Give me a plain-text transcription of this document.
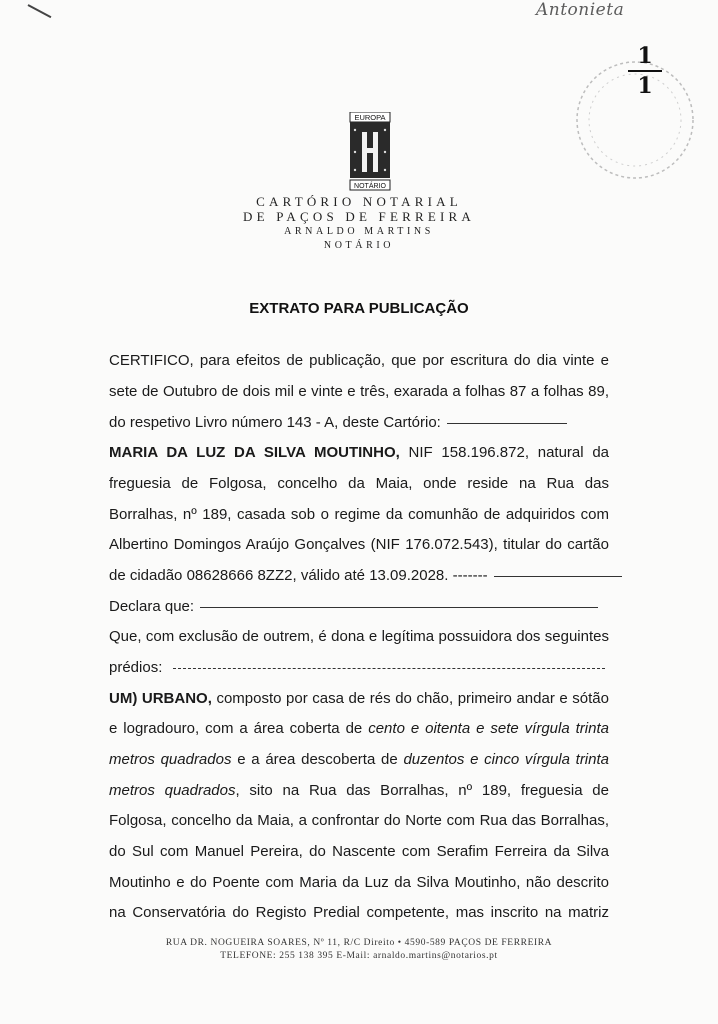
Antonieta
1
1
EUROPA
NOTÁRIO
CARTÓRIO NOTARIAL
DE PAÇOS DE FERREIRA
ARNALDO MARTINS
NOTÁRIO
EXTRATO PARA PUBLICAÇÃO
CERTIFICO, para efeitos de publicação, que por escritura do dia vinte e
sete de Outubro de dois mil e vinte e três, exarada a folhas 87 a folhas 89,
do respetivo Livro número 143 - A, deste Cartório:
MARIA DA LUZ DA SILVA MOUTINHO, NIF 158.196.872, natural da
freguesia de Folgosa, concelho da Maia, onde reside na Rua das
Borralhas, nº 189, casada sob o regime da comunhão de adquiridos com
Albertino Domingos Araújo Gonçalves (NIF 176.072.543), titular do cartão
de cidadão 08628666 8ZZ2, válido até 13.09.2028. -------
Declara que:
Que, com exclusão de outrem, é dona e legítima possuidora dos seguintes
prédios:
UM) URBANO, composto por casa de rés do chão, primeiro andar e sótão
e logradouro, com a área coberta de cento e oitenta e sete vírgula trinta
metros quadrados e a área descoberta de duzentos e cinco vírgula trinta
metros quadrados, sito na Rua das Borralhas, nº 189, freguesia de
Folgosa, concelho da Maia, a confrontar do Norte com Rua das Borralhas,
do Sul com Manuel Pereira, do Nascente com Serafim Ferreira da Silva
Moutinho e do Poente com Maria da Luz da Silva Moutinho, não descrito
na Conservatória do Registo Predial competente, mas inscrito na matriz
RUA DR. NOGUEIRA SOARES, Nº 11, R/C Direito • 4590-589 PAÇOS DE FERREIRA
TELEFONE: 255 138 395 E-Mail: arnaldo.martins@notarios.pt
